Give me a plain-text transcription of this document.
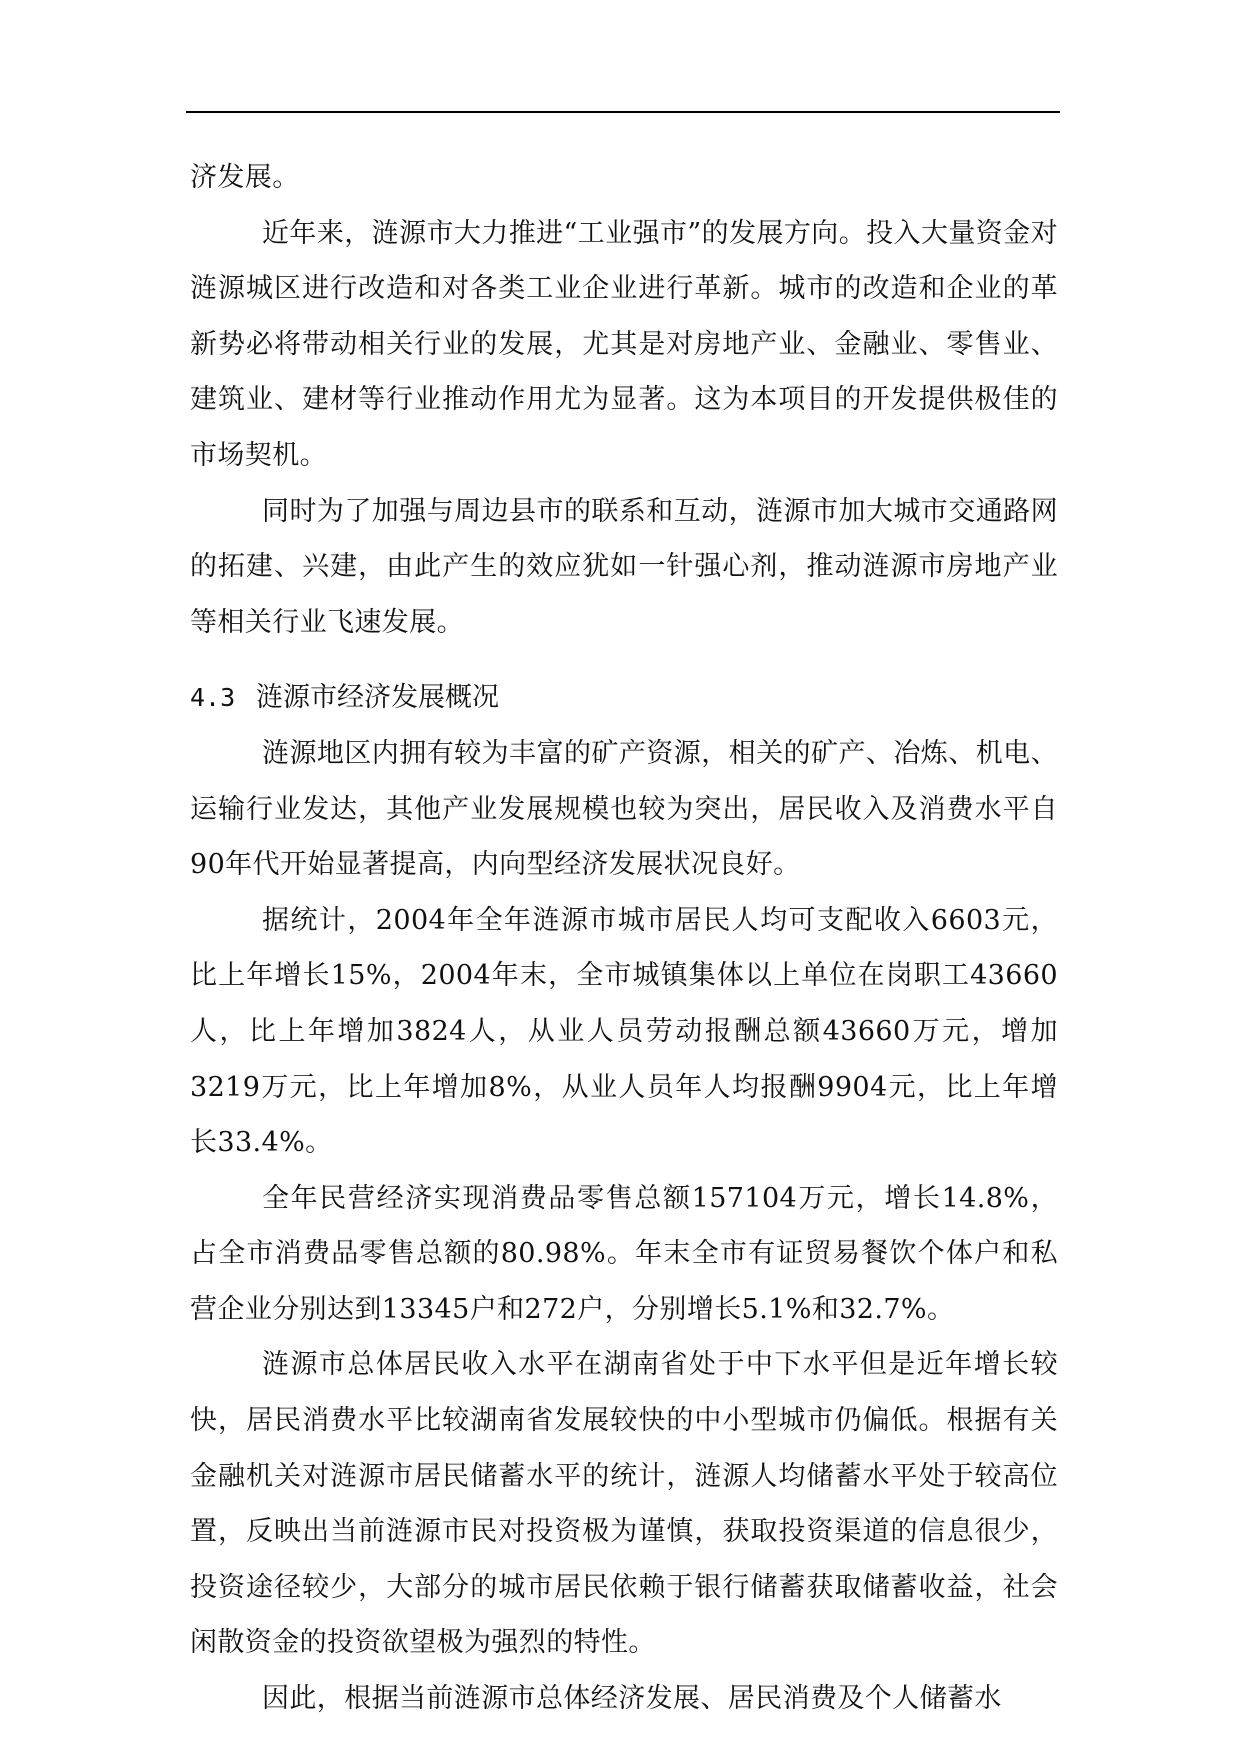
济发展。

近年来，涟源市大力推进“工业强市”的发展方向。投入大量资金对涟源城区进行改造和对各类工业企业进行革新。城市的改造和企业的革新势必将带动相关行业的发展，尤其是对房地产业、金融业、零售业、建筑业、建材等行业推动作用尤为显著。这为本项目的开发提供极佳的市场契机。

同时为了加强与周边县市的联系和互动，涟源市加大城市交通路网的拓建、兴建，由此产生的效应犹如一针强心剂，推动涟源市房地产业等相关行业飞速发展。

4.3 涟源市经济发展概况

涟源地区内拥有较为丰富的矿产资源，相关的矿产、冶炼、机电、运输行业发达，其他产业发展规模也较为突出，居民收入及消费水平自90年代开始显著提高，内向型经济发展状况良好。

据统计，2004年全年涟源市城市居民人均可支配收入6603元，比上年增长15%，2004年末，全市城镇集体以上单位在岗职工43660人，比上年增加3824人，从业人员劳动报酬总额43660万元，增加3219万元，比上年增加8%，从业人员年人均报酬9904元，比上年增长33.4%。

全年民营经济实现消费品零售总额157104万元，增长14.8%，占全市消费品零售总额的80.98%。年末全市有证贸易餐饮个体户和私营企业分别达到13345户和272户，分别增长5.1%和32.7%。

涟源市总体居民收入水平在湖南省处于中下水平但是近年增长较快，居民消费水平比较湖南省发展较快的中小型城市仍偏低。根据有关金融机关对涟源市居民储蓄水平的统计，涟源人均储蓄水平处于较高位置，反映出当前涟源市民对投资极为谨慎，获取投资渠道的信息很少，投资途径较少，大部分的城市居民依赖于银行储蓄获取储蓄收益，社会闲散资金的投资欲望极为强烈的特性。

因此，根据当前涟源市总体经济发展、居民消费及个人储蓄水
